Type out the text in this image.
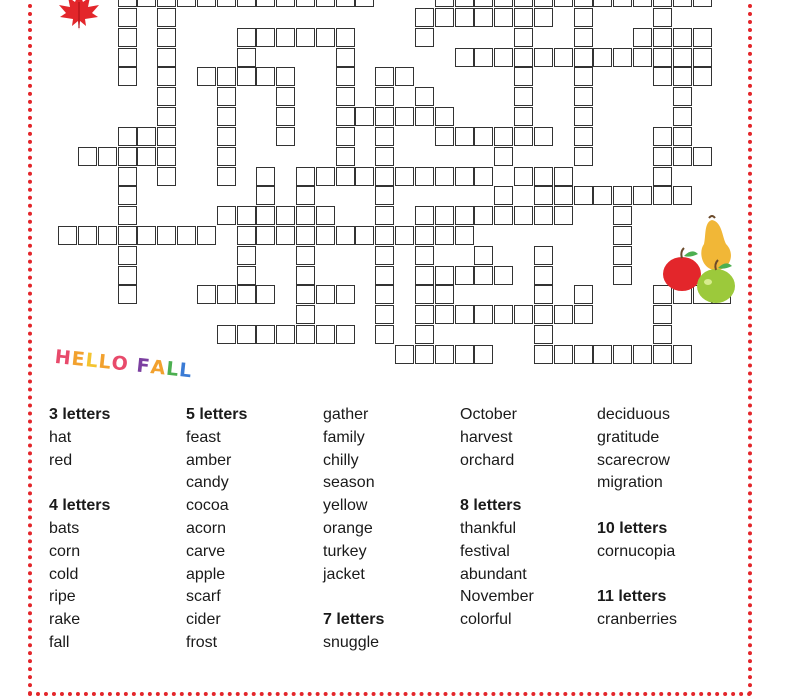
HELLO FALL
3 letters
hat
red
4 letters
bats
corn
cold
ripe
rake
fall
5 letters
feast
amber
candy
cocoa
acorn
carve
apple
scarf
cider
frost
gather
family
chilly
season
yellow
orange
turkey
jacket
7 letters
snuggle
October
harvest
orchard
8 letters
thankful
festival
abundant
November
colorful
deciduous
gratitude
scarecrow
migration
10 letters
cornucopia
11 letters
cranberries
